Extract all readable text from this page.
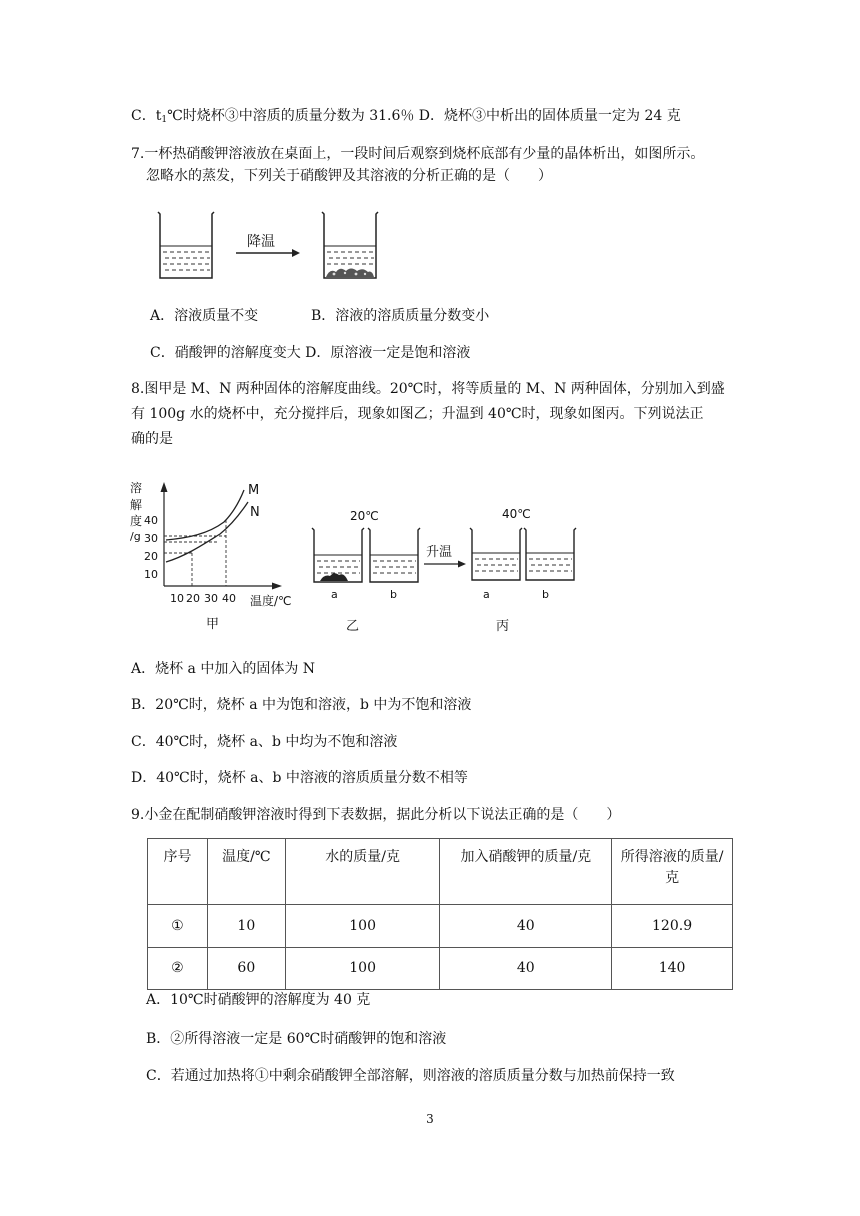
C．$t_1℃$时烧杯③中溶质的质量分数为 31.6％ D．烧杯③中析出的固体质量一定为 24 克
7.一杯热硝酸钾溶液放在桌面上，一段时间后观察到烧杯底部有少量的晶体析出，如图所示。
忽略水的蒸发，下列关于硝酸钾及其溶液的分析正确的是（　　）
降温
A．溶液质量不变	B．溶液的溶质质量分数变小
C．硝酸钾的溶解度变大 D．原溶液一定是饱和溶液
8.图甲是 M、N 两种固体的溶解度曲线。20℃时，将等质量的 M、N 两种固体，分别加入到盛
有 100g 水的烧杯中，充分搅拌后，现象如图乙；升温到 40℃时，现象如图丙。下列说法正
确的是
溶
解
度
/g
40
30
20
10
10 20 30 40 温度/℃
M
N
甲
20℃
a	b
乙
升温
40℃
a	b
丙
A．烧杯 a 中加入的固体为 N
B．20℃时，烧杯 a 中为饱和溶液，b 中为不饱和溶液
C．40℃时，烧杯 a、b 中均为不饱和溶液
D．40℃时，烧杯 a、b 中溶液的溶质质量分数不相等
9.小金在配制硝酸钾溶液时得到下表数据，据此分析以下说法正确的是（　　）
序号	温度/℃	水的质量/克	加入硝酸钾的质量/克	所得溶液的质量/
克

①	10	100	40	120.9
②	60	100	40	140
A．10℃时硝酸钾的溶解度为 40 克
B．②所得溶液一定是 60℃时硝酸钾的饱和溶液
C．若通过加热将①中剩余硝酸钾全部溶解，则溶液的溶质质量分数与加热前保持一致
3
